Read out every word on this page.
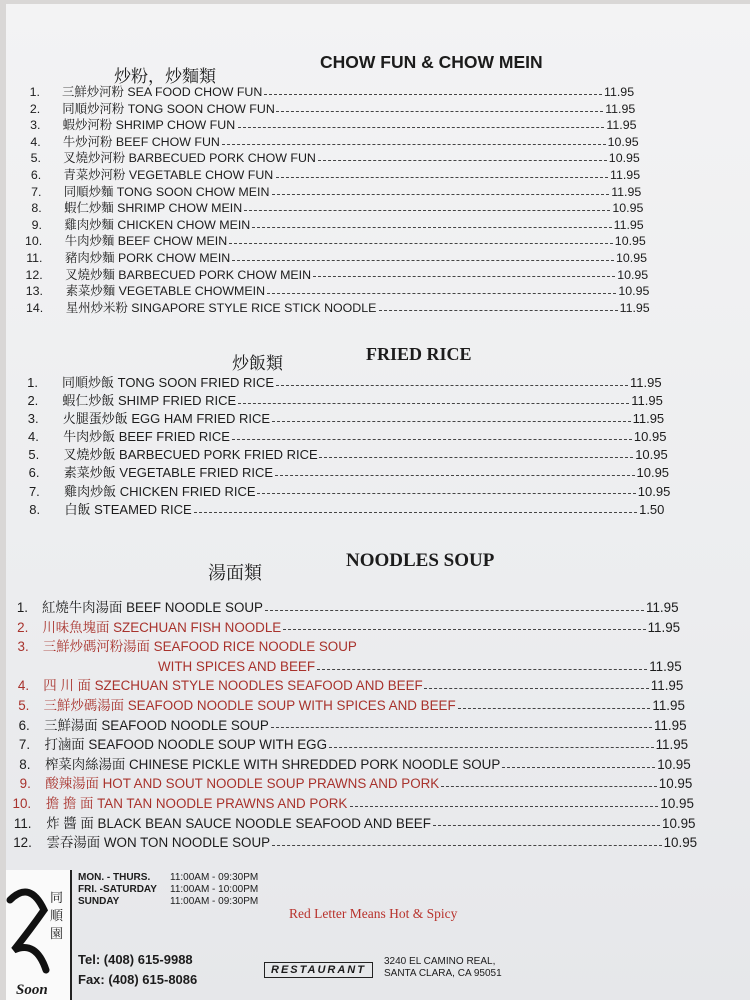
炒粉，炒麵類
CHOW FUN & CHOW MEIN
1. 三鮮炒河粉 SEA FOOD CHOW FUN	11.95
2. 同順炒河粉 TONG SOON CHOW FUN	11.95
3. 蝦炒河粉 SHRIMP CHOW FUN	11.95
4. 牛炒河粉 BEEF CHOW FUN	10.95
5. 叉燒炒河粉 BARBECUED PORK CHOW FUN	10.95
6. 青菜炒河粉 VEGETABLE CHOW FUN	11.95
7. 同順炒麵 TONG SOON CHOW MEIN	11.95
8. 蝦仁炒麵 SHRIMP CHOW MEIN	10.95
9. 雞肉炒麵 CHICKEN CHOW MEIN	11.95
10. 牛肉炒麵 BEEF CHOW MEIN	10.95
11. 豬肉炒麵 PORK CHOW MEIN	10.95
12. 叉燒炒麵 BARBECUED PORK CHOW MEIN	10.95
13. 素菜炒麵 VEGETABLE CHOWMEIN	10.95
14. 星州炒米粉 SINGAPORE STYLE RICE STICK NOODLE	11.95
炒飯類	FRIED RICE
1. 同順炒飯 TONG SOON FRIED RICE	11.95
2. 蝦仁炒飯 SHIMP FRIED RICE	11.95
3. 火腿蛋炒飯 EGG HAM FRIED RICE	11.95
4. 牛肉炒飯 BEEF FRIED RICE	10.95
5. 叉燒炒飯 BARBECUED PORK FRIED RICE	10.95
6. 素菜炒飯 VEGETABLE FRIED RICE	10.95
7. 雞肉炒飯 CHICKEN FRIED RICE	10.95
8. 白飯 STEAMED RICE	1.50
湯面類
NOODLES SOUP
1. 紅燒牛肉湯面 BEEF NOODLE SOUP	11.95
2. 川味魚塊面 SZECHUAN FISH NOODLE	11.95
3. 三鮮炒碼河粉湯面 SEAFOOD RICE NOODLE SOUP
WITH SPICES AND BEEF	11.95
4. 四 川 面 SZECHUAN STYLE NOODLES SEAFOOD AND BEEF	11.95
5. 三鮮炒碼湯面 SEAFOOD NOODLE SOUP WITH SPICES AND BEEF	11.95
6. 三鮮湯面 SEAFOOD NOODLE SOUP	11.95
7. 打滷面 SEAFOOD NOODLE SOUP WITH EGG	11.95
8. 榨菜肉絲湯面 CHINESE PICKLE WITH SHREDDED PORK NOODLE SOUP	10.95
9. 酸辣湯面 HOT AND SOUT NOODLE SOUP PRAWNS AND PORK	10.95
10. 擔 擔 面 TAN TAN NOODLE PRAWNS AND PORK	10.95
11. 炸 醬 面 BLACK BEAN SAUCE NOODLE SEAFOOD AND BEEF	10.95
12. 雲吞湯面 WON TON NOODLE SOUP	10.95
同順園
Soon
MON. - THURS. 11:00AM - 09:30PM
FRI. -SATURDAY 11:00AM - 10:00PM
SUNDAY	11:00AM - 09:30PM
Tel: (408) 615-9988
Fax: (408) 615-8086
Red Letter Means Hot & Spicy
RESTAURANT
3240 EL CAMINO REAL,
SANTA CLARA, CA 95051
